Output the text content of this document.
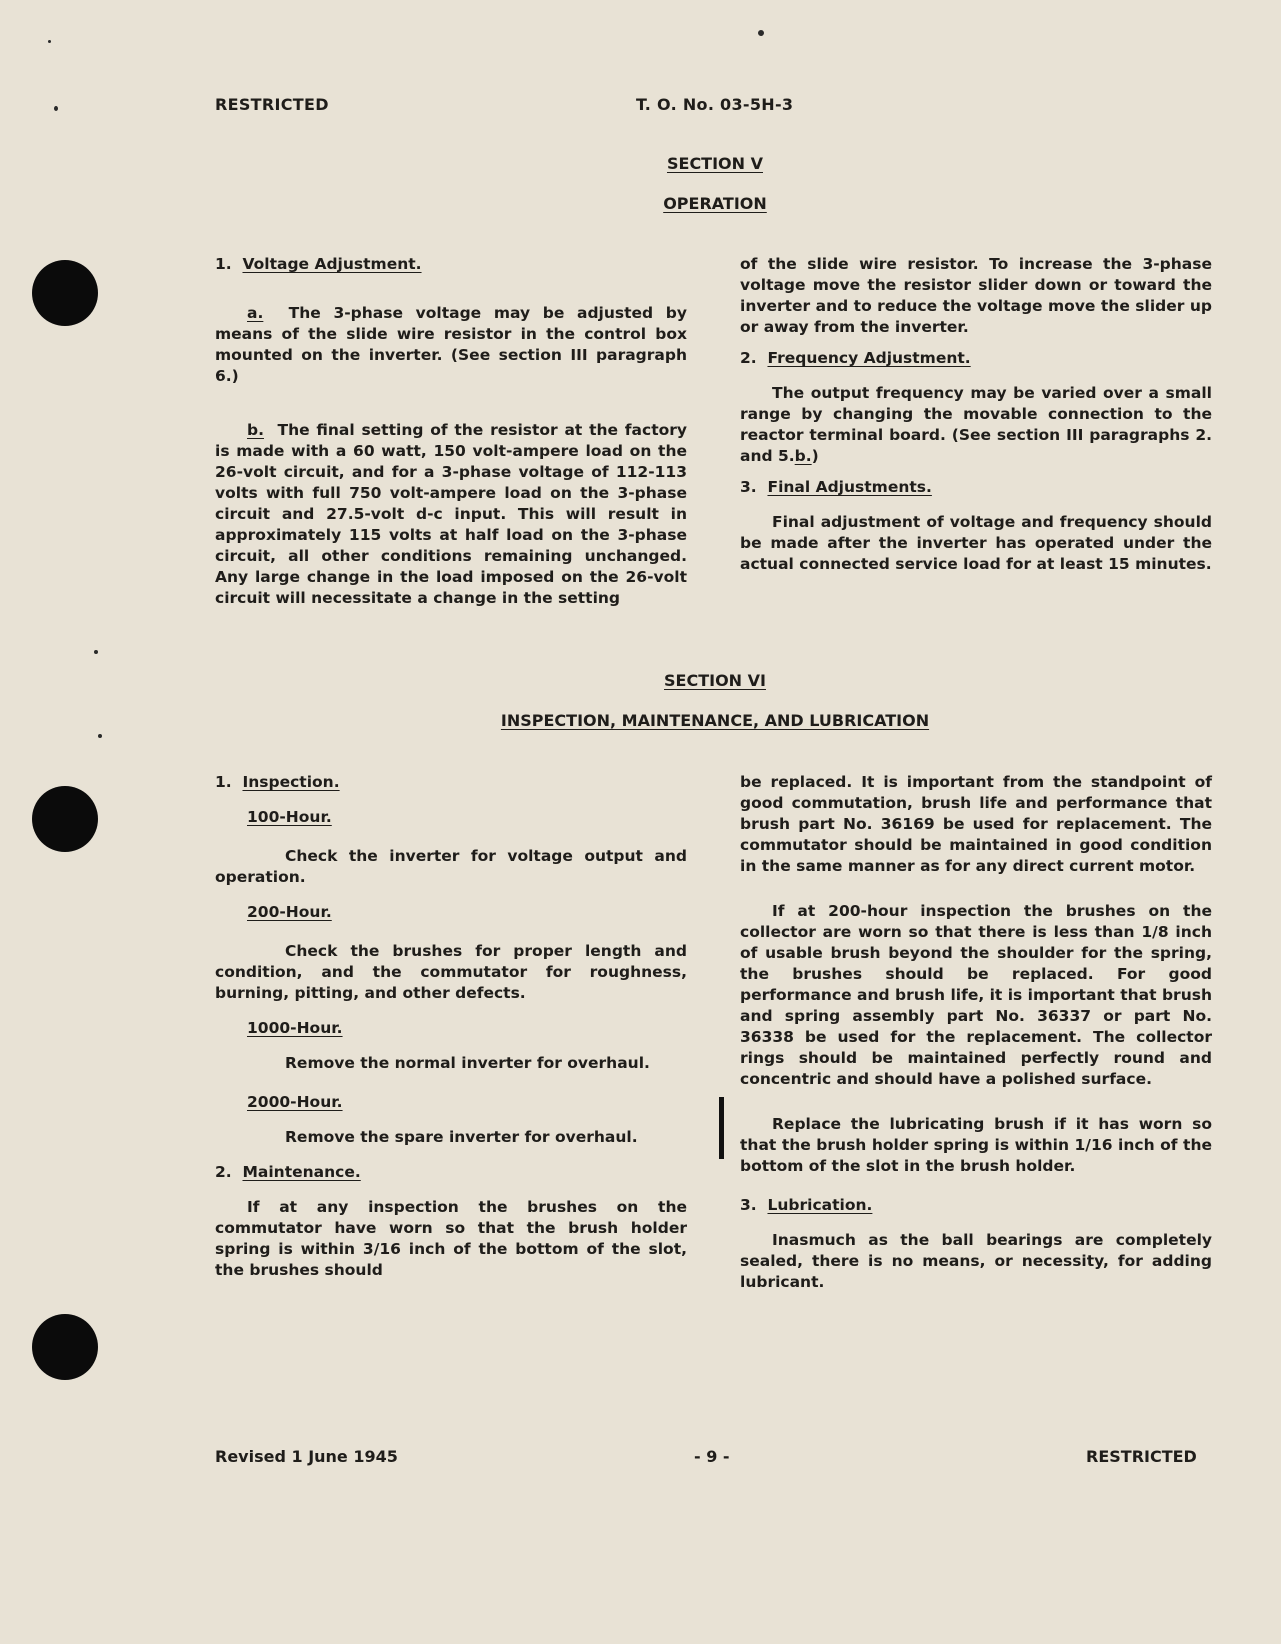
RESTRICTED	T. O. No. 03-5H-3
SECTION V
OPERATION

1. Voltage Adjustment.

a. The 3-phase voltage may be adjusted by means of the slide wire resistor in the control box mounted on the inverter. (See section III paragraph 6.)

b. The final setting of the resistor at the factory is made with a 60 watt, 150 volt-ampere load on the 26-volt circuit, and for a 3-phase voltage of 112-113 volts with full 750 volt-ampere load on the 3-phase circuit and 27.5-volt d-c input. This will result in approximately 115 volts at half load on the 3-phase circuit, all other conditions remaining unchanged. Any large change in the load imposed on the 26-volt circuit will necessitate a change in the setting

of the slide wire resistor. To increase the 3-phase voltage move the resistor slider down or toward the inverter and to reduce the voltage move the slider up or away from the inverter.

2. Frequency Adjustment.

The output frequency may be varied over a small range by changing the movable connection to the reactor terminal board. (See section III paragraphs 2. and 5.b.)

3. Final Adjustments.

Final adjustment of voltage and frequency should be made after the inverter has operated under the actual connected service load for at least 15 minutes.

SECTION VI
INSPECTION, MAINTENANCE, AND LUBRICATION

1. Inspection.

100-Hour.

Check the inverter for voltage output and operation.

200-Hour.

Check the brushes for proper length and condition, and the commutator for roughness, burning, pitting, and other defects.

1000-Hour.

Remove the normal inverter for overhaul.

2000-Hour.

Remove the spare inverter for overhaul.

2. Maintenance.

If at any inspection the brushes on the commutator have worn so that the brush holder spring is within 3/16 inch of the bottom of the slot, the brushes should

be replaced. It is important from the standpoint of good commutation, brush life and performance that brush part No. 36169 be used for replacement. The commutator should be maintained in good condition in the same manner as for any direct current motor.

If at 200-hour inspection the brushes on the collector are worn so that there is less than 1/8 inch of usable brush beyond the shoulder for the spring, the brushes should be replaced. For good performance and brush life, it is important that brush and spring assembly part No. 36337 or part No. 36338 be used for the replacement. The collector rings should be maintained perfectly round and concentric and should have a polished surface.

Replace the lubricating brush if it has worn so that the brush holder spring is within 1/16 inch of the bottom of the slot in the brush holder.

3. Lubrication.

Inasmuch as the ball bearings are completely sealed, there is no means, or necessity, for adding lubricant.

Revised 1 June 1945	- 9 -	RESTRICTED
